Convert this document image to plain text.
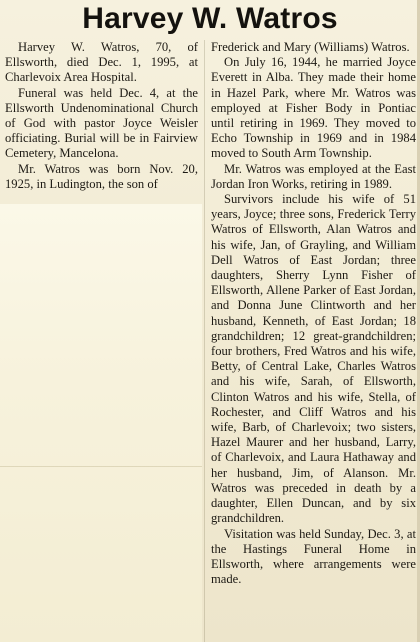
Harvey W. Watros

Harvey W. Watros, 70, of Ellsworth, died Dec. 1, 1995, at Charlevoix Area Hospital.

Funeral was held Dec. 4, at the Ellsworth Undenominational Church of God with pastor Joyce Weisler officiating. Burial will be in Fairview Cemetery, Mancelona.

Mr. Watros was born Nov. 20, 1925, in Ludington, the son of

Frederick and Mary (Williams) Watros.

On July 16, 1944, he married Joyce Everett in Alba. They made their home in Hazel Park, where Mr. Watros was employed at Fisher Body in Pontiac until retiring in 1969. They moved to Echo Township in 1969 and in 1984 moved to South Arm Township.

Mr. Watros was employed at the East Jordan Iron Works, retiring in 1989.

Survivors include his wife of 51 years, Joyce; three sons, Frederick Terry Watros of Ellsworth, Alan Watros and his wife, Jan, of Grayling, and William Dell Watros of East Jordan; three daughters, Sherry Lynn Fisher of Ellsworth, Allene Parker of East Jordan, and Donna June Clintworth and her husband, Kenneth, of East Jordan; 18 grandchildren; 12 great-grandchildren; four brothers, Fred Watros and his wife, Betty, of Central Lake, Charles Watros and his wife, Sarah, of Ellsworth, Clinton Watros and his wife, Stella, of Rochester, and Cliff Watros and his wife, Barb, of Charlevoix; two sisters, Hazel Maurer and her husband, Larry, of Charlevoix, and Laura Hathaway and her husband, Jim, of Alanson. Mr. Watros was preceded in death by a daughter, Ellen Duncan, and by six grandchildren.

Visitation was held Sunday, Dec. 3, at the Hastings Funeral Home in Ellsworth, where arrangements were made.
